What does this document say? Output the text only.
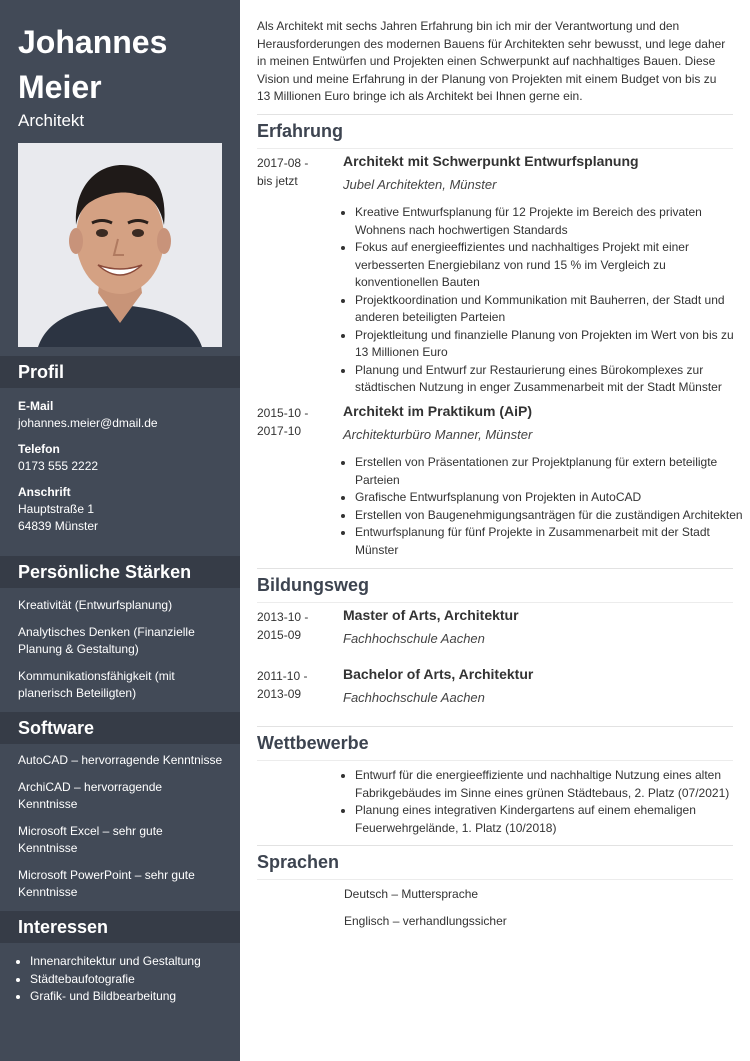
Johannes
Meier
Architekt
Profil
E-Mail
johannes.meier@dmail.de
Telefon
0173 555 2222
Anschrift
Hauptstraße 1
64839 Münster
Persönliche Stärken
Kreativität (Entwurfsplanung)
Analytisches Denken (Finanzielle Planung & Gestaltung)
Kommunikationsfähigkeit (mit planerisch Beteiligten)
Software
AutoCAD – hervorragende Kenntnisse
ArchiCAD – hervorragende Kenntnisse
Microsoft Excel – sehr gute Kenntnisse
Microsoft PowerPoint – sehr gute Kenntnisse
Interessen
• Innenarchitektur und Gestaltung
• Städtebaufotografie
• Grafik- und Bildbearbeitung
Als Architekt mit sechs Jahren Erfahrung bin ich mir der Verantwortung und den Herausforderungen des modernen Bauens für Architekten sehr bewusst, und lege daher in meinen Entwürfen und Projekten einen Schwerpunkt auf nachhaltiges Bauen. Diese Vision und meine Erfahrung in der Planung von Projekten mit einem Budget von bis zu 13 Millionen Euro bringe ich als Architekt bei Ihnen gerne ein.
Erfahrung
2017-08 - bis jetzt
Architekt mit Schwerpunkt Entwurfsplanung
Jubel Architekten, Münster
• Kreative Entwurfsplanung für 12 Projekte im Bereich des privaten Wohnens nach hochwertigen Standards
• Fokus auf energieeffizientes und nachhaltiges Projekt mit einer verbesserten Energiebilanz von rund 15 % im Vergleich zu konventionellen Bauten
• Projektkoordination und Kommunikation mit Bauherren, der Stadt und anderen beteiligten Parteien
• Projektleitung und finanzielle Planung von Projekten im Wert von bis zu 13 Millionen Euro
• Planung und Entwurf zur Restaurierung eines Bürokomplexes zur städtischen Nutzung in enger Zusammenarbeit mit der Stadt Münster
2015-10 - 2017-10
Architekt im Praktikum (AiP)
Architekturbüro Manner, Münster
• Erstellen von Präsentationen zur Projektplanung für extern beteiligte Parteien
• Grafische Entwurfsplanung von Projekten in AutoCAD
• Erstellen von Baugenehmigungsanträgen für die zuständigen Architekten
• Entwurfsplanung für fünf Projekte in Zusammenarbeit mit der Stadt Münster
Bildungsweg
2013-10 - 2015-09
Master of Arts, Architektur
Fachhochschule Aachen
2011-10 - 2013-09
Bachelor of Arts, Architektur
Fachhochschule Aachen
Wettbewerbe
• Entwurf für die energieeffiziente und nachhaltige Nutzung eines alten Fabrikgebäudes im Sinne eines grünen Städtebaus, 2. Platz (07/2021)
• Planung eines integrativen Kindergartens auf einem ehemaligen Feuerwehrgelände, 1. Platz (10/2018)
Sprachen
Deutsch – Muttersprache
Englisch – verhandlungssicher
